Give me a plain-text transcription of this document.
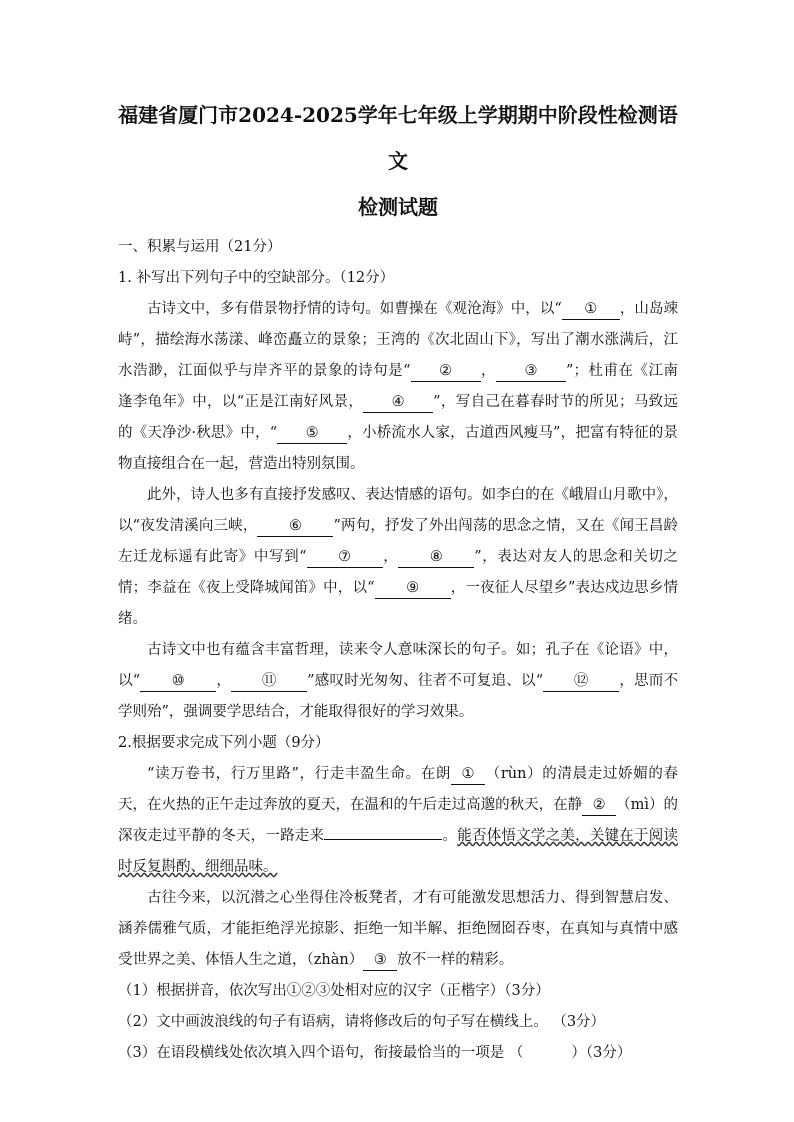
福建省厦门市2024-2025学年七年级上学期期中阶段性检测语文

检测试题

一、积累与运用（21分）

1. 补写出下列句子中的空缺部分。（12分）

古诗文中，多有借景物抒情的诗句。如曹操在《观沧海》中，以“ ① ，山岛竦峙”，描绘海水荡漾、峰峦矗立的景象；王湾的《次北固山下》，写出了潮水涨满后，江水浩渺，江面似乎与岸齐平的景象的诗句是“ ② ， ③ ”；杜甫在《江南逢李龟年》中，以“正是江南好风景， ④ ”，写自己在暮春时节的所见；马致远的《天净沙·秋思》中，“ ⑤ ，小桥流水人家，古道西风瘦马”，把富有特征的景物直接组合在一起，营造出特别氛围。

此外，诗人也多有直接抒发感叹、表达情感的语句。如李白的在《峨眉山月歌中》，以“夜发清溪向三峡， ⑥ ”两句，抒发了外出闯荡的思念之情，又在《闻王昌龄左迁龙标遥有此寄》中写到“ ⑦ ， ⑧ ”，表达对友人的思念和关切之情；李益在《夜上受降城闻笛》中，以“ ⑨ ，一夜征人尽望乡”表达戍边思乡情绪。

古诗文中也有蕴含丰富哲理，读来令人意味深长的句子。如；孔子在《论语》中，以“ ⑩ ， ⑪ ”感叹时光匆匆、往者不可复追、以“ ⑫ ，思而不学则殆”，强调要学思结合，才能取得很好的学习效果。

2.根据要求完成下列小题（9分）

“读万卷书，行万里路”，行走丰盈生命。在朗 ① （rùn）的清晨走过娇媚的春天，在火热的正午走过奔放的夏天，在温和的午后走过高邈的秋天，在静 ② （mì）的深夜走过平静的冬天，一路走来	。能否体悟文学之美，关键在于阅读时反复斟酌、细细品味。

古往今来，以沉潜之心坐得住冷板凳者，才有可能激发思想活力、得到智慧启发、涵养儒雅气质，才能拒绝浮光掠影、拒绝一知半解、拒绝囫囵吞枣，在真知与真情中感受世界之美、体悟人生之道，（zhàn） ③ 放不一样的精彩。

（1）根据拼音，依次写出①②③处相对应的汉字（正楷字）（3分）

（2）文中画波浪线的句子有语病，请将修改后的句子写在横线上。 （3分）

（3）在语段横线处依次填入四个语句，衔接最恰当的一项是 （	）（3分）
